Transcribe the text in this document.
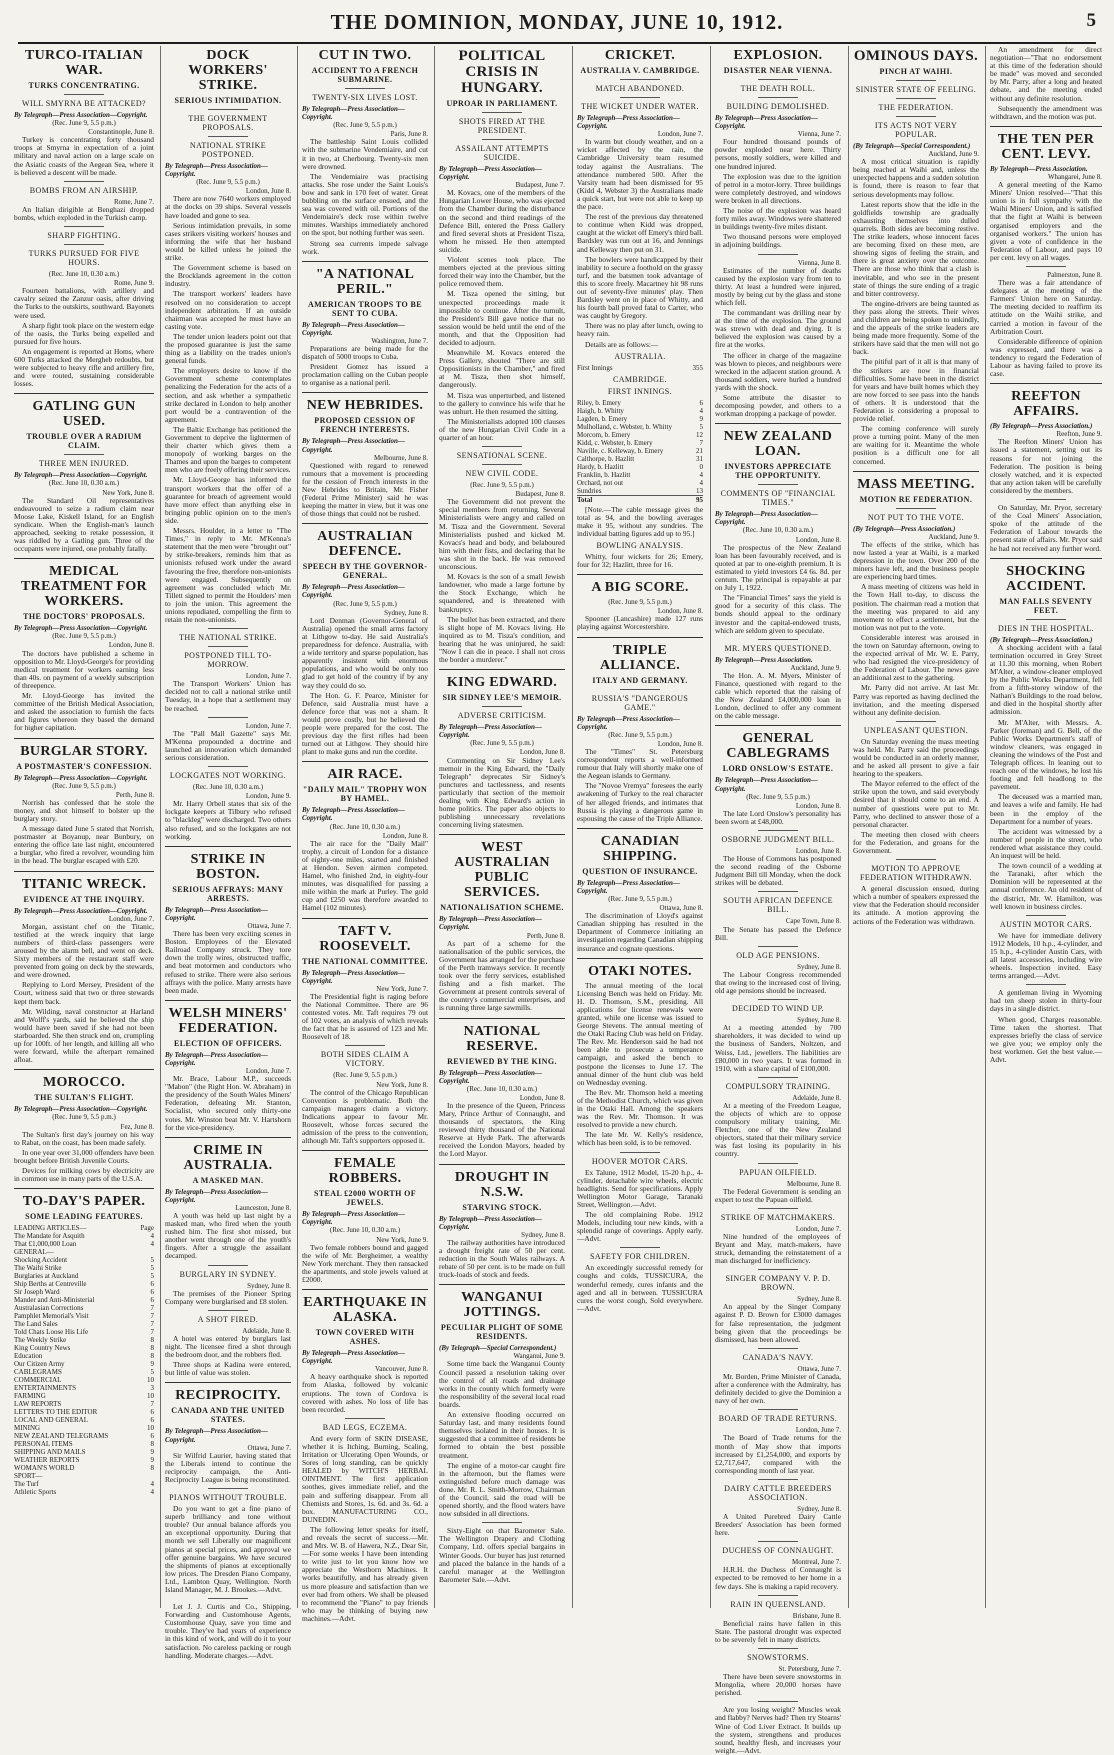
THE DOMINION, MONDAY, JUNE 10, 1912.	5
TURCO-ITALIAN WAR.
TURKS CONCENTRATING.
WILL SMYRNA BE ATTACKED?
By Telegraph—Press Association—Copyright.
(Rec. June 9, 5.5 p.m.)
Constantinople, June 8.

Turkey is concentrating forty thousand troops at Smyrna in expectation of a joint military and naval action on a large scale on the Asiatic coasts of the Aegean Sea, where it is believed a descent will be made.

BOMBS FROM AN AIRSHIP.
Rome, June 7.

An Italian dirigible at Benghazi dropped bombs, which exploded in the Turkish camp.

SHARP FIGHTING.
TURKS PURSUED FOR FIVE HOURS.
(Rec. June 10, 0.30 a.m.)
Rome, June 9.

Fourteen battalions, with artillery and cavalry seized the Zanzur oasis, after driving the Turks to the outskirts, southward. Bayonets were used.

A sharp fight took place on the western edge of the oasis, the Turks being expelled and pursued for five hours.

An engagement is reported at Homs, where 600 Turks attacked the Mergheb redoubts, but were subjected to heavy rifle and artillery fire, and were routed, sustaining considerable losses.

GATLING GUN USED.
TROUBLE OVER A RADIUM CLAIM.
THREE MEN INJURED.
By Telegraph—Press Association—Copyright.
(Rec. June 10, 0.30 a.m.)
New York, June 8.

The Standard Oil representatives endeavoured to seize a radium claim near Moose Lake, Kiskell Island, for an English syndicate. When the English-man's launch approached, seeking to retake possession, it was riddled by a Gatling gun. Three of the occupants were injured, one probably fatally.

MEDICAL TREATMENT FOR WORKERS.
THE DOCTORS' PROPOSALS.
By Telegraph—Press Association—Copyright.
(Rec. June 9, 5.5 p.m.)
London, June 8.

The doctors have published a scheme in opposition to Mr. Lloyd-George's for providing medical treatment for workers earning less than 40s. on payment of a weekly subscription of threepence.

Mr. Lloyd-George has invited the committee of the British Medical Association, and asked the association to furnish the facts and figures whereon they based the demand for higher capitation.

BURGLAR STORY.
A POSTMASTER'S CONFESSION.
By Telegraph—Press Association—Copyright.
(Rec. June 9, 5.5 p.m.)
Perth, June 8.

Norrish has confessed that he stole the money, and shot himself to bolster up the burglary story.

A message dated June 5 stated that Norrish, postmaster at Boyanup, near Bunbury, on entering the office late last night, encountered a burglar, who fired a revolver, wounding him in the head. The burglar escaped with £20.

TITANIC WRECK.
EVIDENCE AT THE INQUIRY.
By Telegraph—Press Association—Copyright.
London, June 7.

Morgan, assistant chef on the Titanic, testified at the wreck inquiry that large numbers of third-class passengers were aroused by the alarm bell, and went on deck. Sixty members of the restaurant staff were prevented from going on deck by the stewards, and were drowned.

Replying to Lord Mersey, President of the Court, witness said that two or three stewards kept them back.

Mr. Wilding, naval constructor at Harland and Wolff's yards, said he believed the ship would have been saved if she had not been starboarded. She then struck end on, crumpling up for 100ft. of her length, and killing all who were forward, while the afterpart remained afloat.

MOROCCO.
THE SULTAN'S FLIGHT.
By Telegraph—Press Association—Copyright.
(Rec. June 9, 5.5 p.m.)
Fez, June 8.

The Sultan's first day's journey on his way to Rabat, on the coast, has been made safely.

In one year over 31,000 offenders have been brought before British Juvenile Courts.

Devices for milking cows by electricity are in common use in many parts of the U.S.A.

TO-DAY'S PAPER.
SOME LEADING FEATURES.
Page
LEADING ARTICLES—
4
The Mandate for Asquith
4
That £1,000,000 Loan
GENERAL—
5
Shocking Accident
5
The Waihi Strike
5
Burglaries at Auckland
6
Ship Berths at Centreville
6
Sir Joseph Ward
6
Mander and Anti-Ministerial
7
Australasian Corrections
7
Pamphlet Memorial's Visit
7
The Land Sales
7
Told Chats Loose His Life
8
The Weekly Strike
8
King Country News
8
Education
9
Our Citizen Army
5
CABLEGRAMS
10
COMMERCIAL
3
ENTERTAINMENTS
10
FARMING
7
LAW REPORTS
6
LETTERS TO THE EDITOR
6
LOCAL AND GENERAL
10
MINING
6
NEW ZEALAND TELEGRAMS
8
PERSONAL ITEMS
9
SHIPPING AND MAILS
9
WEATHER REPORTS
8
WOMAN'S WORLD
SPORT—
4
The Turf
4
Athletic Sports
DOCK WORKERS' STRIKE.
SERIOUS INTIMIDATION.
THE GOVERNMENT PROPOSALS.
NATIONAL STRIKE POSTPONED.
By Telegraph—Press Association—Copyright.
(Rec. June 9, 5.5 p.m.)
London, June 8.

There are now 7640 workers employed at the docks on 39 ships. Several vessels have loaded and gone to sea.

Serious intimidation prevails, in some cases strikers visiting workers' houses and informing the wife that her husband would be killed unless he joined the strike.

The Government scheme is based on the Brocklands agreement in the cotton industry.

The transport workers' leaders have resolved on no consideration to accept independent arbitration. If an outside chairman was accepted he must have an casting vote.

The tender union leaders point out that the proposed guarantee is just the same thing as a liability on the trades union's general funds.

The employers desire to know if the Government scheme contemplates penalizing the Federation for the acts of a section, and ask whether a sympathetic strike declared in London to help another port would be a contravention of the agreement.

The Baltic Exchange has petitioned the Government to deprive the lightermen of their charter which gives them a monopoly of working barges on the Thames and upon the barges to competent men who are freely offering their services.

Mr. Lloyd-George has informed the transport workers that the offer of a guarantee for breach of agreement would have more effect than anything else in bringing public opinion on to the men's side.

Messrs. Houlder, in a letter to "The Times," in reply to Mr. M'Kenna's statement that the men were "brought out" by strike-breakers, reminds him that as unionists refused work under the award favouring the free, therefore non-unionists were engaged. Subsequently on agreement was concluded which Mr. Tillett signed to permit the Houlders' men to join the union. This agreement the unions repudiated, compelling the firm to retain the non-unionists.

THE NATIONAL STRIKE.
POSTPONED TILL TO-MORROW.
London, June 7.

The Transport Workers' Union has decided not to call a national strike until Tuesday, in a hope that a settlement may be reached.

London, June 7.

The "Pall Mall Gazette" says Mr. M'Kenna propounded a doctrine and launched an innovation which demanded serious consideration.

LOCKGATES NOT WORKING.
(Rec. June 10, 0.30 a.m.)
London, June 9.

Mr. Harry Orbell states that six of the lockgate keepers at Tilbury who refused to "blackleg" were discharged. Two others also refused, and so the lockgates are not working.

STRIKE IN BOSTON.
SERIOUS AFFRAYS: MANY ARRESTS.
By Telegraph—Press Association—Copyright.
Ottawa, June 7.

There has been very exciting scenes in Boston. Employees of the Elevated Railroad Company struck. They tore down the trolly wires, obstructed traffic, and beat motormen and conductors who refused to strike. There were also serious affrays with the police. Many arrests have been made.

WELSH MINERS' FEDERATION.
ELECTION OF OFFICERS.
By Telegraph—Press Association—Copyright.
London, June 7.

Mr. Brace, Labour M.P., succeeds "Mabon" (the Right Hon. W. Abraham) in the presidency of the South Wales Miners' Federation, defeating Mr. Stanton, Socialist, who secured only thirty-one votes. Mr. Winston beat Mr. V. Hartshorn for the vice-presidency.

CRIME IN AUSTRALIA.
A MASKED MAN.
By Telegraph—Press Association—Copyright.
Launceston, June 8.

A youth was held up last night by a masked man, who fired when the youth rushed him. The first shot missed, but another went through one of the youth's fingers. After a struggle the assailant decamped.

BURGLARY IN SYDNEY.
Sydney, June 8.

The premises of the Pioneer Spring Company were burglarised and £8 stolen.

A SHOT FIRED.
Adelaide, June 8.

A hotel was entered by burglars last night. The licensee fired a shot through the bedroom door, and the robbers fled.

Three shops at Kadina were entered, but little of value was stolen.

RECIPROCITY.
CANADA AND THE UNITED STATES.
By Telegraph—Press Association—Copyright.
Ottawa, June 7.

Sir Wilfrid Laurier, having stated that the Liberals intend to continue the reciprocity campaign, the Anti-Reciprocity League is being reconstituted.

PIANOS WITHOUT TROUBLE.

Do you want to get a fine piano of superb brilliancy and tone without trouble? Our annual balance affords you an exceptional opportunity. During that month we sell Liberally our magnificent pianos at special prices, and approval we offer genuine bargains. We have secured the shipments of pianos at exceptionally low prices. The Dresden Piano Company, Ltd., Lambton Quay, Wellington. North Island Manager, M. J. Brookes.—Advt.

Let J. J. Curtis and Co., Shipping, Forwarding and Customhouse Agents, Customhouse Quay, save you time and trouble. They've had years of experience in this kind of work, and will do it to your satisfaction. No careless packing or rough handling. Moderate charges.—Advt.

CUT IN TWO.
ACCIDENT TO A FRENCH SUBMARINE.
TWENTY-SIX LIVES LOST.
By Telegraph—Press Association—Copyright.
(Rec. June 9, 5.5 p.m.)
Paris, June 8.

The battleship Saint Louis collided with the submarine Vendemiaire, and cut it in two, at Cherbourg. Twenty-six men were drowned.

The Vendemiaire was practising attacks. She rose under the Saint Louis's bow and sank in 170 feet of water. Great bubbling on the surface ensued, and the sea was covered with oil. Portions of the Vendemiaire's deck rose within twelve minutes. Warships immediately anchored on the spot, but nothing further was seen.

Strong sea currents impede salvage work.

"A NATIONAL PERIL."
AMERICAN TROOPS TO BE SENT TO CUBA.
By Telegraph—Press Association—Copyright.
Washington, June 7.

Preparations are being made for the dispatch of 5000 troops to Cuba.

President Gomez has issued a proclamation calling on the Cuban people to organise as a national peril.

NEW HEBRIDES.
PROPOSED CESSION OF FRENCH INTERESTS.
By Telegraph—Press Association—Copyright.
Melbourne, June 8.

Questioned with regard to renewed rumours that a movement is proceeding for the cession of French interests in the New Hebrides to Britain, Mr. Fisher (Federal Prime Minister) said he was keeping the matter in view, but it was one of those things that could not be rushed.

AUSTRALIAN DEFENCE.
SPEECH BY THE GOVERNOR-GENERAL.
By Telegraph—Press Association—Copyright.
(Rec. June 9, 5.5 p.m.)
Sydney, June 8.

Lord Denman (Governor-General of Australia) opened the small arms factory at Lithgow to-day. He said Australia's preparedness for defence. Australia, with a wide territory and sparse population, has apparently insistent with enormous populations, and who would be only too glad to get hold of the country if by any way they could do so.

The Hon. G. F. Pearce, Minister for Defence, said Australia must have a defence force that was not a sham. It would prove costly, but he believed the people were prepared for the cost. The previous day the first rifles had been turned out at Lithgow. They should hire plant to make guns and run the cordite.

AIR RACE.
"DAILY MAIL" TROPHY WON BY HAMEL.
By Telegraph—Press Association—Copyright.
(Rec. June 10, 0.30 a.m.)
London, June 8.

The air race for the "Daily Mail" trophy, a circuit of London for a distance of eighty-one miles, started and finished at Hendon. Seven airmen competed. Hamel, who finished 2nd, in eighty-four minutes, was disqualified for passing a mile within the mark at Purley. The gold cup and £250 was therefore awarded to Hamel (102 minutes).

TAFT V. ROOSEVELT.
THE NATIONAL COMMITTEE.
By Telegraph—Press Association—Copyright.
New York, June 7.

The Presidential fight is raging before the National Committee. There are 96 contested votes. Mr. Taft requires 79 out of 102 votes, an analysis of which reveals the fact that he is assured of 123 and Mr. Roosevelt of 18.

BOTH SIDES CLAIM A VICTORY.
(Rec. June 9, 5.5 p.m.)
New York, June 8.

The control of the Chicago Republican Convention is problematic. Both the campaign managers claim a victory. Indications appear to favour Mr. Roosevelt, whose forces secured the admission of the press to the convention, although Mr. Taft's supporters opposed it.

FEMALE ROBBERS.
STEAL £2000 WORTH OF JEWELS.
By Telegraph—Press Association—Copyright.
(Rec. June 10, 0.30 a.m.)
New York, June 9.

Two female robbers bound and gagged the wife of Mr. Bergheimer, a wealthy New York merchant. They then ransacked the apartments, and stole jewels valued at £2000.

EARTHQUAKE IN ALASKA.
TOWN COVERED WITH ASHES.
By Telegraph—Press Association—Copyright.
Vancouver, June 8.

A heavy earthquake shock is reported from Alaska, followed by volcanic eruptions. The town of Cordova is covered with ashes. No loss of life has been recorded.

BAD LEGS, ECZEMA.

And every form of SKIN DISEASE, whether it is Itching, Burning, Scaling, Irritation or Ulcerating Open Wounds, or Sores of long standing, can be quickly HEALED by WITCH'S HERBAL OINTMENT. The first application soothes, gives immediate relief, and the pain and suffering disappear. From all Chemists and Stores, 1s. 6d. and 3s. 6d. a box. MANUFACTURING CO., DUNEDIN.

The following letter speaks for itself, and reveals the secret of success.—Mr. and Mrs. W. B. of Hawera, N.Z., Dear Sir,—For some weeks I have been intending to write just to let you know how we appreciate the Westborn Machines. It works beautifully, and has already given us more pleasure and satisfaction than we ever had from others. We shall be pleased to recommend the "Piano" to pay friends who may be thinking of buying new machines.—Advt.

POLITICAL CRISIS IN HUNGARY.
UPROAR IN PARLIAMENT.
SHOTS FIRED AT THE PRESIDENT.
ASSAILANT ATTEMPTS SUICIDE.
By Telegraph—Press Association—Copyright.
Budapest, June 7.

M. Kovacs, one of the members of the Hungarian Lower House, who was ejected from the Chamber during the disturbance on the second and third readings of the Defence Bill, entered the Press Gallery and fired several shots at President Tisza, whom he missed. He then attempted suicide.

Violent scenes took place. The members ejected at the previous sitting forced their way into the Chamber, but the police removed them.

M. Tisza opened the sitting, but unexpected proceedings made it impossible to continue. After the tumult, the President's Bill gave notice that no session would be held until the end of the month, and that the Opposition had decided to adjourn.

Meanwhile M. Kovacs entered the Press Gallery, shouted "There are still Oppositionists in the Chamber," and fired at M. Tisza, then shot himself, dangerously.

M. Tisza was unperturbed, and listened to the gallery to convince his wife that he was unhurt. He then resumed the sitting.

The Ministerialists adopted 100 clauses of the new Hungarian Civil Code in a quarter of an hour.

SENSATIONAL SCENE.
NEW CIVIL CODE.
(Rec. June 9, 5.5 p.m.)
Budapest, June 8.

The Government did not prevent the special members from returning. Several Ministerialists were angry and called on M. Tisza and the Government. Several Ministerialists pushed and kicked M. Kovacs's head and body, and belaboured him with their fists, and declaring that he was shot in the back. He was removed unconscious.

M. Kovacs is the son of a small Jewish landowner, who made a large fortune by the Stock Exchange, which he squandered, and is threatened with bankruptcy.

The bullet has been extracted, and there is slight hope of M. Kovacs living. He inquired as to M. Tisza's condition, and hearing that he was uninjured, he said: "Now I can die in peace. I shall not cross the border a murderer."

KING EDWARD.
SIR SIDNEY LEE'S MEMOIR.
ADVERSE CRITICISM.
By Telegraph—Press Association—Copyright.
(Rec. June 9, 5.5 p.m.)
London, June 8.

Commenting on Sir Sidney Lee's memoir in the King Edward, the "Daily Telegraph" deprecates Sir Sidney's punctures and tactlessness, and resents particularly that section of the memoir dealing with King Edward's action in home politics. The paper also objects to publishing unnecessary revelations concerning living statesmen.

WEST AUSTRALIAN PUBLIC SERVICES.
NATIONALISATION SCHEME.
By Telegraph—Press Association—Copyright.
Perth, June 8.

As part of a scheme for the nationalisation of the public services, the Government has arranged for the purchase of the Perth tramways service. It recently took over the ferry services, established fishing and a fish market. The Government at present controls several of the country's commercial enterprises, and is running three large sawmills.

NATIONAL RESERVE.
REVIEWED BY THE KING.
By Telegraph—Press Association—Copyright.
(Rec. June 10, 0.30 a.m.)
London, June 8.

In the presence of the Queen, Princess Mary, Prince Arthur of Connaught, and thousands of spectators, the King reviewed thirty thousand of the National Reserve at Hyde Park. The afterwards received the London Mayors, headed by the Lord Mayor.

DROUGHT IN N.S.W.
STARVING STOCK.
By Telegraph—Press Association—Copyright.
Sydney, June 8.

The railway authorities have introduced a drought freight rate of 50 per cent. reduction in the South Wales railways. A rebate of 50 per cent. is to be made on full truck-loads of stock and feeds.

WANGANUI JOTTINGS.
PECULIAR PLIGHT OF SOME RESIDENTS.
(By Telegraph—Special Correspondent.)
Wanganui, June 9.

Some time back the Wanganui County Council passed a resolution taking over the control of all roads and drainage works in the county which formerly were the responsibility of the several local road boards.

An extensive flooding occurred on Saturday last, and many residents found themselves isolated in their houses. It is suggested that a committee of residents be formed to obtain the best possible treatment.

The engine of a motor-car caught fire in the afternoon, but the flames were extinguished before much damage was done. Mr. R. L. Smith-Morrow, Chairman of the Council, said the road will be opened shortly, and the flood waters have now subsided in all directions.

Sixty-Eight on that Barometer Sale. The Wellington Drapery and Clothing Company, Ltd. offers special bargains in Winter Goods. Our buyer has just returned and placed the balance in the hands of a careful manager at the Wellington Barometer Sale.—Advt.

CRICKET.
AUSTRALIA V. CAMBRIDGE.
MATCH ABANDONED.
THE WICKET UNDER WATER.
By Telegraph—Press Association—Copyright.
London, June 7.

In warm but cloudy weather, and on a wicket affected by the rain, the Cambridge University team resumed today against the Australians. The attendance numbered 500. After the Varsity team had been dismissed for 95 (Kidd 4, Webster 3) the Australians made a quick start, but were not able to keep up the pace.

The rest of the previous day threatened to continue when Kidd was dropped, caught at the wicket off Emery's third ball. Bardsley was run out at 16, and Jennings and Kelleway then put on 31.

The bowlers were handicapped by their inability to secure a foothold on the grassy turf, and the batsmen took advantage of this to score freely. Macartney hit 98 runs out of seventy-five minutes' play. Then Bardsley went on in place of Whitty, and his fourth ball proved fatal to Carter, who was caught by Gregory.

There was no play after lunch, owing to heavy rain.

Details are as follows:—

AUSTRALIA.
First Innings	355
CAMBRIDGE.
FIRST INNINGS.
Riley, b. Emery	6
Haigh, b. Whitty	4
Lagden, b. Emery	9
Mulholland, c. Webster, b. Whitty	5
Morcom, b. Emery	12
Kidd, c. Webster, b. Emery	7
Naville, c. Kelleway, b. Emery	21
Calthorpe, b. Hazlitt	31
Hardy, b. Hazlitt	0
Franklin, b. Hazlitt	4
Orchard, not out	4
Sundries	13
Total	95

[Note.—The cable message gives the total as 94, and the bowling averages make it 95, without any sundries. The individual batting figures add up to 95.]

BOWLING ANALYSIS.

Whitty, four wickets for 26; Emery, four for 32; Hazlitt, three for 16.

A BIG SCORE.
(Rec. June 9, 5.5 p.m.)
London, June 8.

Spooner (Lancashire) made 127 runs playing against Worcestershire.

TRIPLE ALLIANCE.
ITALY AND GERMANY.
RUSSIA'S "DANGEROUS GAME."
By Telegraph—Press Association—Copyright.
(Rec. June 9, 5.5 p.m.)
London, June 8.

The "Times" St. Petersburg correspondent reports a well-informed rumour that Italy will shortly make one of the Aegean islands to Germany.

The "Novoe Vremya" foresees the early awakening of Turkey to the real character of her alleged friends, and intimates that Russia is playing a dangerous game in espousing the cause of the Triple Alliance.

CANADIAN SHIPPING.
QUESTION OF INSURANCE.
By Telegraph—Press Association—Copyright.
(Rec. June 9, 5.5 p.m.)
Ottawa, June 8.

The discrimination of Lloyd's against Canadian shipping has resulted in the Department of Commerce initiating an investigation regarding Canadian shipping insurance and cognate questions.

OTAKI NOTES.

The annual meeting of the local Licensing Bench was held on Friday. Mr. H. D. Thomson, S.M., presiding. All applications for license renewals were granted, while one license was issued to George Stevens. The annual meeting of the Otaki Racing Club was held on Friday. The Rev. Mr. Henderson said he had not been able to prosecute a temperance campaign, and asked the bench to postpone the licenses to June 17. The annual dinner of the hunt club was held on Wednesday evening.

The Rev. Mr. Thomson held a meeting of the Methodist Church, which was given in the Otaki Hall. Among the speakers was the Rev. Mr. Thomson. It was resolved to provide a new church.

The late Mr. W. Kelly's residence, which has been sold, is to be removed.

HOOVER MOTOR CARS.

Ex Talune, 1912 Model, 15-20 h.p., 4-cylinder, detachable wire wheels, electric headlights. Send for specifications. Apply Wellington Motor Garage, Taranaki Street, Wellington.—Advt.

The old complaining Robe. 1912 Models, including tour new kinds, with a splendid range of coverings. Apply early.—Advt.

SAFETY FOR CHILDREN.

An exceedingly successful remedy for coughs and colds, TUSSICURA, the wonderful remedy, cures infants and the aged and all in between. TUSSICURA cures the worst cough, Sold everywhere.—Advt.

EXPLOSION.
DISASTER NEAR VIENNA.
THE DEATH ROLL.
BUILDING DEMOLISHED.
By Telegraph—Press Association—Copyright.
Vienna, June 7.

Four hundred thousand pounds of powder exploded near here. Thirty persons, mostly soldiers, were killed and one hundred injured.

The explosion was due to the ignition of petrol in a motor-lorry. Three buildings were completely destroyed, and windows were broken in all directions.

The noise of the explosion was heard forty miles away. Windows were shattered in buildings twenty-five miles distant.

Two thousand persons were employed in adjoining buildings.

Vienna, June 8.

Estimates of the number of deaths caused by the explosion vary from ten to thirty. At least a hundred were injured, mostly by being cut by the glass and stone which fell.

The commandant was drilling near by at the time of the explosion. The ground was strewn with dead and dying. It is believed the explosion was caused by a fire at the works.

The officer in charge of the magazine was blown to pieces, and neighbours were wrecked in the adjacent station ground. A thousand soldiers, were hurled a hundred yards with the shock.

Some attribute the disaster to decomposing powder, and others to a workman dropping a package of powder.

NEW ZEALAND LOAN.
INVESTORS APPRECIATE THE OPPORTUNITY.
COMMENTS OF "FINANCIAL TIMES."
By Telegraph—Press Association—Copyright.
(Rec. June 10, 0.30 a.m.)
London, June 8.

The prospectus of the New Zealand loan has been favourably received, and is quoted at par to one-eighth premium. It is estimated to yield investors £4 6s. 8d. per centum. The principal is repayable at par on July 1, 1922.

The "Financial Times" says the yield is good for a security of this class. The bonds should appeal to the ordinary investor and the capital-endowed trusts, which are seldom given to speculate.

MR. MYERS QUESTIONED.
By Telegraph—Press Association.
Auckland, June 9.

The Hon. A. M. Myers, Minister of Finance, questioned with regard to the cable which reported that the raising of the New Zealand £4,000,000 loan in London, declined to offer any comment on the cable message.

GENERAL CABLEGRAMS
LORD ONSLOW'S ESTATE.
By Telegraph—Press Association—Copyright.
(Rec. June 9, 5.5 p.m.)
London, June 8.

The late Lord Onslow's personality has been sworn at £48,000.

OSBORNE JUDGMENT BILL.
London, June 8.

The House of Commons has postponed the second reading of the Osborne Judgment Bill till Monday, when the dock strikes will be debated.

SOUTH AFRICAN DEFENCE BILL.
Cape Town, June 8.

The Senate has passed the Defence Bill.

OLD AGE PENSIONS.
Sydney, June 8.

The Labour Congress recommended that owing to the increased cost of living, old age pensions should be increased.

DECIDED TO WIND UP.
Sydney, June 8.

At a meeting attended by 700 shareholders, it was decided to wind up the business of Sanders, Noltzen, and Weiss, Ltd., jewellers. The liabilities are £80,000 in two years. It was formed in 1910, with a share capital of £100,000.

COMPULSORY TRAINING.
Adelaide, June 8.

At a meeting of the Freedom League, the objects of which are to oppose compulsory military training, Mr. Fletcher, one of the New Zealand objectors, stated that their military service was fast losing its popularity in his country.

PAPUAN OILFIELD.
Melbourne, June 8.

The Federal Government is sending an expert to test the Papuan oilfield.

STRIKE OF MATCHMAKERS.
London, June 7.

Nine hundred of the employees of Bryant and May, match-makers, have struck, demanding the reinstatement of a man discharged for inefficiency.

SINGER COMPANY V. P. D. BROWN.
Sydney, June 8.

An appeal by the Singer Company against P. D. Brown for £3000 damages for false representation, the judgment being given that the proceedings be dismissed, has been allowed.

CANADA'S NAVY.
Ottawa, June 7.

Mr. Borden, Prime Minister of Canada, after a conference with the Admiralty, has definitely decided to give the Dominion a navy of her own.

BOARD OF TRADE RETURNS.
London, June 7.

The Board of Trade returns for the month of May show that imports increased by £1,254,000, and exports by £2,717,647, compared with the corresponding month of last year.

DAIRY CATTLE BREEDERS ASSOCIATION.
Sydney, June 8.

A United Purebred Dairy Cattle Breeders' Association has been formed here.

DUCHESS OF CONNAUGHT.
Montreal, June 7.

H.R.H. the Duchess of Connaught is expected to be removed to her home in a few days. She is making a rapid recovery.

RAIN IN QUEENSLAND.
Brisbane, June 8.

Beneficial rains have fallen in this State. The pastoral drought was expected to be severely felt in many districts.

SNOWSTORMS.
St. Petersburg, June 7.

There have been severe snowstorms in Mongolia, where 20,000 horses have perished.

Are you losing weight? Muscles weak and flabby? Nerves bad? Then try Stearns' Wine of Cod Liver Extract. It builds up the system, strengthens and produces sound, healthy flesh, and increases your weight.—Advt.

OMINOUS DAYS.
PINCH AT WAIHI.
SINISTER STATE OF FEELING.
THE FEDERATION.
ITS ACTS NOT VERY POPULAR.
(By Telegraph—Special Correspondent.)
Auckland, June 9.

A most critical situation is rapidly being reached at Waihi and, unless the unexpected happens and a sudden solution is found, there is reason to fear that serious developments may follow.

Latest reports show that the idle in the goldfields township are gradually exhausting themselves into dulled quarrels. Both sides are becoming restive. The strike leaders, whose innocent faces are becoming fixed on these men, are showing signs of feeling the strain, and there is great anxiety over the outcome. There are those who think that a clash is inevitable, and who see in the present state of things the sure ending of a tragic and bitter controversy.

The engine-drivers are being taunted as they pass along the streets. Their wives and children are being spoken to unkindly, and the appeals of the strike leaders are being made more frequently. Some of the strikers have said that the men will not go back.

The pitiful part of it all is that many of the strikers are now in financial difficulties. Some have been in the district for years and have built homes which they are now forced to see pass into the hands of others. It is understood that the Federation is considering a proposal to provide relief.

The coming conference will surely prove a turning point. Many of the men are waiting for it. Meantime the whole position is a difficult one for all concerned.

MASS MEETING.
MOTION RE FEDERATION.
NOT PUT TO THE VOTE.
(By Telegraph—Press Association.)
Auckland, June 9.

The effects of the strike, which has now lasted a year at Waihi, is a marked depression in the town. Over 200 of the miners have left, and the business people are experiencing hard times.

A mass meeting of citizens was held in the Town Hall to-day, to discuss the position. The chairman read a motion that the meeting was prepared to aid any movement to effect a settlement, but the motion was not put to the vote.

Considerable interest was aroused in the town on Saturday afternoon, owing to the expected arrival of Mr. W. E. Parry, who had resigned the vice-presidency of the Federation of Labour. The news gave an additional zest to the gathering.

Mr. Parry did not arrive. At last Mr. Parry was reported as having declined the invitation, and the meeting dispersed without any definite decision.

UNPLEASANT QUESTION.

On Saturday evening the mass meeting was held. Mr. Parry said the proceedings would be conducted in an orderly manner, and he asked all present to give a fair hearing to the speakers.

The Mayor referred to the effect of the strike upon the town, and said everybody desired that it should come to an end. A number of questions were put to Mr. Parry, who declined to answer those of a personal character.

The meeting then closed with cheers for the Federation, and groans for the Government.

MOTION TO APPROVE FEDERATION WITHDRAWN.

A general discussion ensued, during which a number of speakers expressed the view that the Federation should reconsider its attitude. A motion approving the actions of the Federation was withdrawn.

An amendment for direct negotiation—"That no endorsement at this time of the federation should be made" was moved and seconded by Mr. Parry, after a long and heated debate, and the meeting ended without any definite resolution.

Subsequently the amendment was withdrawn, and the motion was put.

THE TEN PER CENT. LEVY.
By Telegraph—Press Association.
Whangarei, June 8.

A general meeting of the Kamo Miners' Union resolved—"That this union is in full sympathy with the Waihi Miners' Union, and is satisfied that the fight at Waihi is between organised employers and the organised workers." The union has given a vote of confidence in the Federation of Labour, and pays 10 per cent. levy on all wages.

Palmerston, June 8.

There was a fair attendance of delegates at the meeting of the Farmers' Union here on Saturday. The meeting decided to reaffirm its attitude on the Waihi strike, and carried a motion in favour of the Arbitration Court.

Considerable difference of opinion was expressed, and there was a tendency to regard the Federation of Labour as having failed to prove its case.

REEFTON AFFAIRS.
(By Telegraph—Press Association.)
Reefton, June 9.

The Reefton Miners' Union has issued a statement, setting out its reasons for not joining the Federation. The position is being closely watched, and it is expected that any action taken will be carefully considered by the members.

On Saturday, Mr. Pryor, secretary of the Coal Miners' Association, spoke of the attitude of the Federation of Labour towards the present state of affairs. Mr. Pryor said he had not received any further word.

SHOCKING ACCIDENT.
MAN FALLS SEVENTY FEET.
DIES IN THE HOSPITAL.
(By Telegraph—Press Association.)

A shocking accident with a fatal termination occurred in Grey Street at 11.30 this morning, when Robert M'Alter, a window-cleaner employed by the Public Works Department, fell from a fifth-storey window of the Nathan's Buildings to the road below, and died in the hospital shortly after admission.

Mr. M'Alter, with Messrs. A. Parker (foreman) and G. Bell, of the Public Works Department's staff of window cleaners, was engaged in cleaning the windows of the Post and Telegraph offices. In leaning out to reach one of the windows, he lost his footing and fell headlong to the pavement.

The deceased was a married man, and leaves a wife and family. He had been in the employ of the Department for a number of years.

The accident was witnessed by a number of people in the street, who rendered what assistance they could. An inquest will be held.

The town council of a wedding at the Taranaki, after which the Dominion will be represented at the annual conference. An old resident of the district, Mr. W. Hamilton, was well known in business circles.

AUSTIN MOTOR CARS.

We have for immediate delivery 1912 Models, 10 h.p., 4-cylinder, and 15 h.p., 4-cylinder Austin Cars, with all latest accessories, including wire wheels. Inspection invited. Easy terms arranged.—Advt.

A gentleman living in Wyoming had ten sheep stolen in thirty-four days in a single district.

When good, Charges reasonable. Time taken the shortest. That expresses briefly the class of service we give you; we employ only the best workmen. Get the best value.—Advt.
